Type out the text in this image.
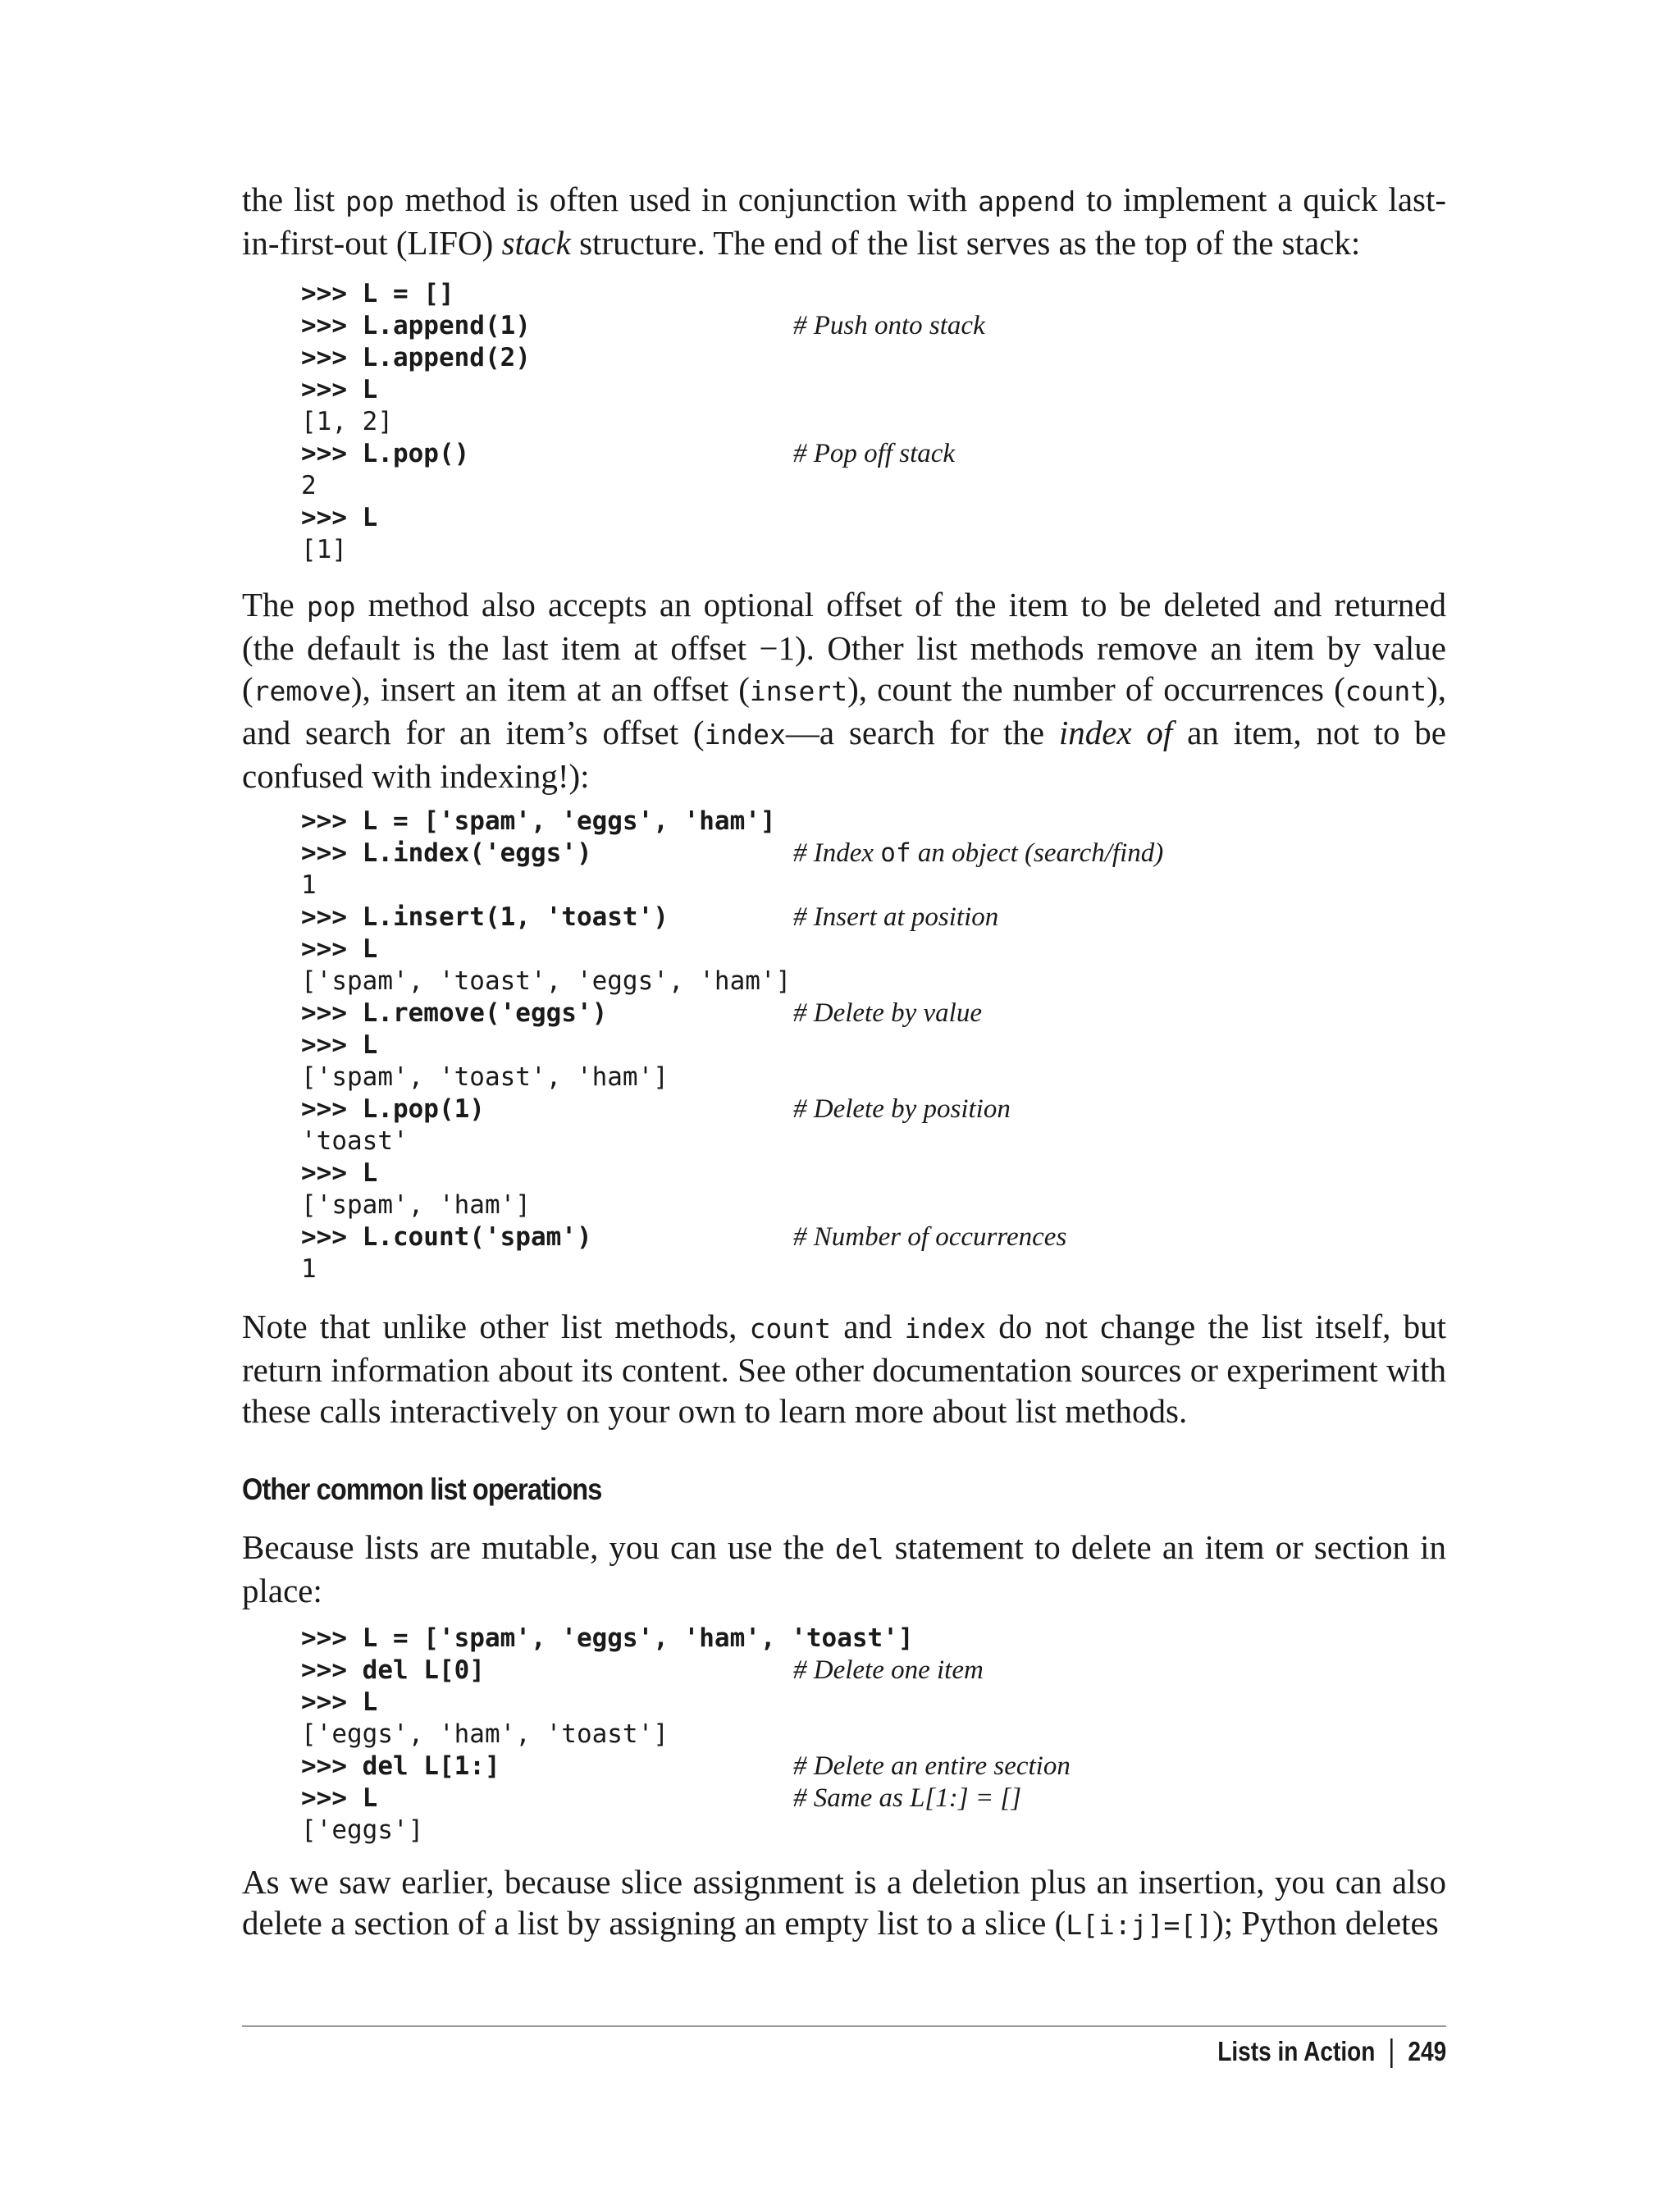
the list pop method is often used in conjunction with append to implement a quick last-in-first-out (LIFO) stack structure. The end of the list serves as the top of the stack:

>>> L = []
>>> L.append(1)	# Push onto stack
>>> L.append(2)
>>> L
[1, 2]
>>> L.pop()	# Pop off stack
2
>>> L
[1]

The pop method also accepts an optional offset of the item to be deleted and returned (the default is the last item at offset −1). Other list methods remove an item by value (remove), insert an item at an offset (insert), count the number of occurrences (count), and search for an item’s offset (index—a search for the index of an item, not to be confused with indexing!):

>>> L = ['spam', 'eggs', 'ham']
>>> L.index('eggs')	# Index of an object (search/find)
1
>>> L.insert(1, 'toast')	# Insert at position
>>> L
['spam', 'toast', 'eggs', 'ham']
>>> L.remove('eggs')	# Delete by value
>>> L
['spam', 'toast', 'ham']
>>> L.pop(1)	# Delete by position
'toast'
>>> L
['spam', 'ham']
>>> L.count('spam')	# Number of occurrences
1

Note that unlike other list methods, count and index do not change the list itself, but return information about its content. See other documentation sources or experiment with these calls interactively on your own to learn more about list methods.

Other common list operations

Because lists are mutable, you can use the del statement to delete an item or section in place:

>>> L = ['spam', 'eggs', 'ham', 'toast']
>>> del L[0]	# Delete one item
>>> L
['eggs', 'ham', 'toast']
>>> del L[1:]	# Delete an entire section
>>> L	# Same as L[1:] = []
['eggs']

As we saw earlier, because slice assignment is a deletion plus an insertion, you can also delete a section of a list by assigning an empty list to a slice (L[i:j]=[]); Python deletes

Lists in Action 249
